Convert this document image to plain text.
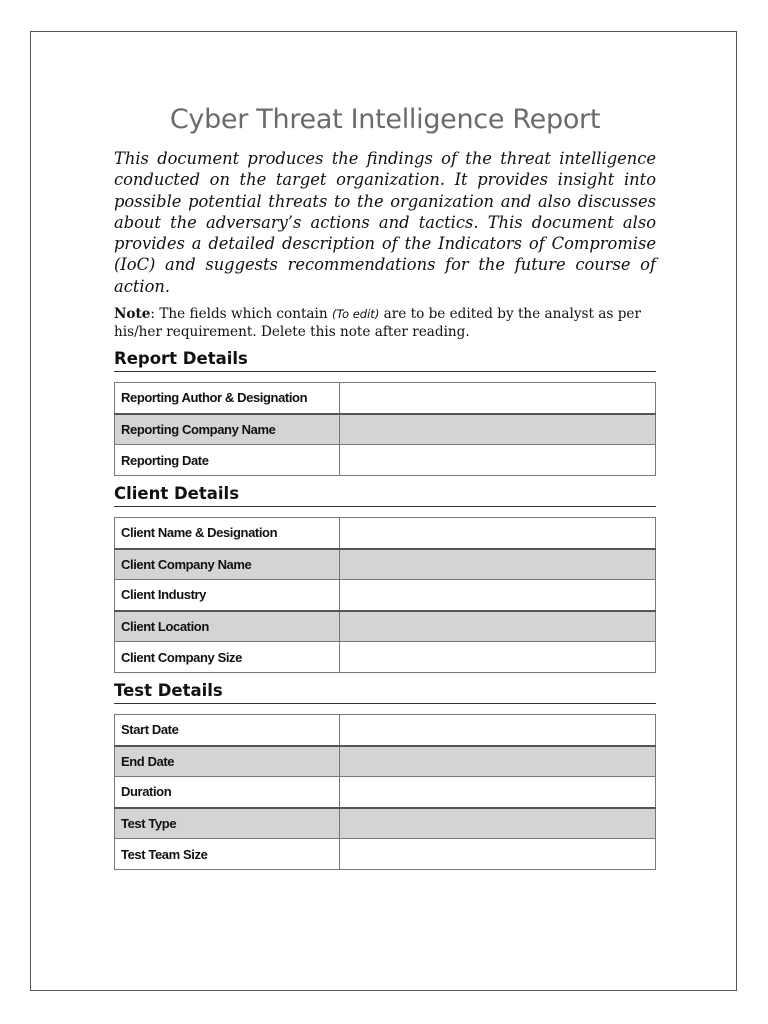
Cyber Threat Intelligence Report

This document produces the findings of the threat intelligence conducted on the target organization. It provides insight into possible potential threats to the organization and also discusses about the adversary’s actions and tactics. This document also provides a detailed description of the Indicators of Compromise (IoC) and suggests recommendations for the future course of action.

Note: The fields which contain (To edit) are to be edited by the analyst as per his/her requirement. Delete this note after reading.

Report Details
Reporting Author & Designation	
Reporting Company Name	
Reporting Date	
Client Details
Client Name & Designation	
Client Company Name	
Client Industry	
Client Location	
Client Company Size	
Test Details
Start Date	
End Date	
Duration	
Test Type	
Test Team Size	
